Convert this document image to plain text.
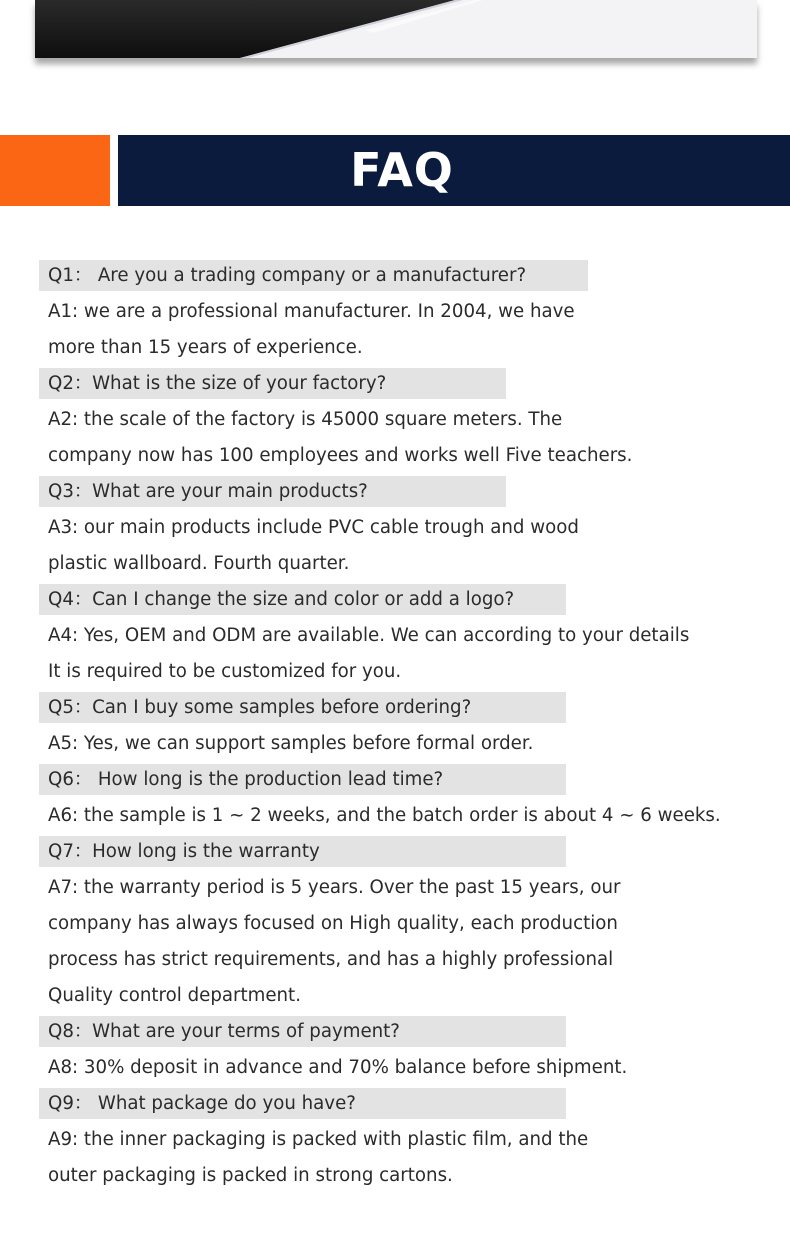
FAQ
Q1： Are you a trading company or a manufacturer?
A1: we are a professional manufacturer. In 2004, we have
more than 15 years of experience.
Q2：What is the size of your factory?
A2: the scale of the factory is 45000 square meters. The
company now has 100 employees and works well Five teachers.
Q3：What are your main products?
A3: our main products include PVC cable trough and wood
plastic wallboard. Fourth quarter.
Q4：Can I change the size and color or add a logo?
A4: Yes, OEM and ODM are available. We can according to your details
It is required to be customized for you.
Q5：Can I buy some samples before ordering?
A5: Yes, we can support samples before formal order.
Q6： How long is the production lead time?
A6: the sample is 1 ~ 2 weeks, and the batch order is about 4 ~ 6 weeks.
Q7：How long is the warranty
A7: the warranty period is 5 years. Over the past 15 years, our
company has always focused on High quality, each production
process has strict requirements, and has a highly professional
Quality control department.
Q8：What are your terms of payment?
A8: 30% deposit in advance and 70% balance before shipment.
Q9： What package do you have?
A9: the inner packaging is packed with plastic film, and the
outer packaging is packed in strong cartons.
